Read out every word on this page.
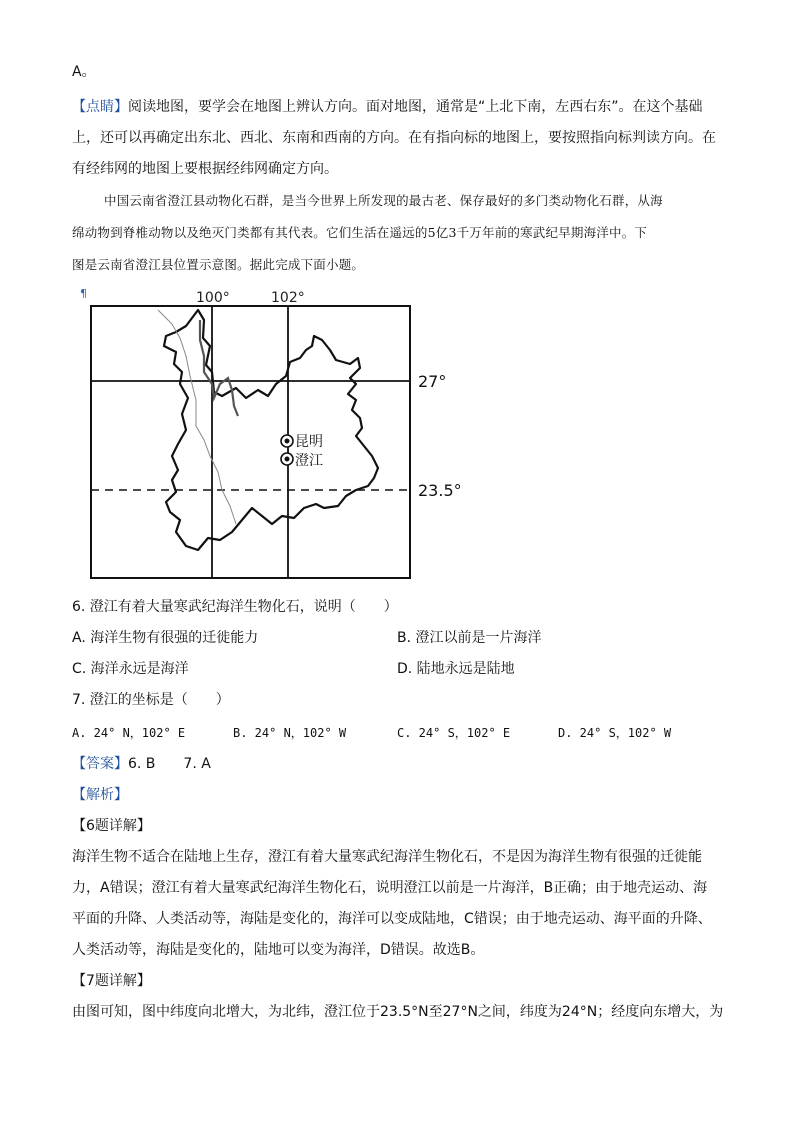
A。
【点睛】阅读地图，要学会在地图上辨认方向。面对地图，通常是“上北下南，左西右东”。在这个基础
上，还可以再确定出东北、西北、东南和西南的方向。在有指向标的地图上，要按照指向标判读方向。在
有经纬网的地图上要根据经纬网确定方向。
中国云南省澄江县动物化石群，是当今世界上所发现的最古老、保存最好的多门类动物化石群，从海
绵动物到脊椎动物以及绝灭门类都有其代表。它们生活在遥远的5亿3千万年前的寒武纪早期海洋中。下
图是云南省澄江县位置示意图。据此完成下面小题。
¶	100°	102°
昆明
澄江
27°
23.5°
6. 澄江有着大量寒武纪海洋生物化石，说明（　　）
A. 海洋生物有很强的迁徙能力	B. 澄江以前是一片海洋
C. 海洋永远是海洋	D. 陆地永远是陆地
7. 澄江的坐标是（　　）
A. 24° N，102° E	B. 24° N，102° W	C. 24° S，102° E	D. 24° S，102° W
【答案】6. B　　7. A
【解析】
【6题详解】
海洋生物不适合在陆地上生存，澄江有着大量寒武纪海洋生物化石，不是因为海洋生物有很强的迁徙能
力，A错误；澄江有着大量寒武纪海洋生物化石，说明澄江以前是一片海洋，B正确；由于地壳运动、海
平面的升降、人类活动等，海陆是变化的，海洋可以变成陆地，C错误；由于地壳运动、海平面的升降、
人类活动等，海陆是变化的，陆地可以变为海洋，D错误。故选B。
【7题详解】
由图可知，图中纬度向北增大，为北纬，澄江位于23.5°N至27°N之间，纬度为24°N；经度向东增大，为
